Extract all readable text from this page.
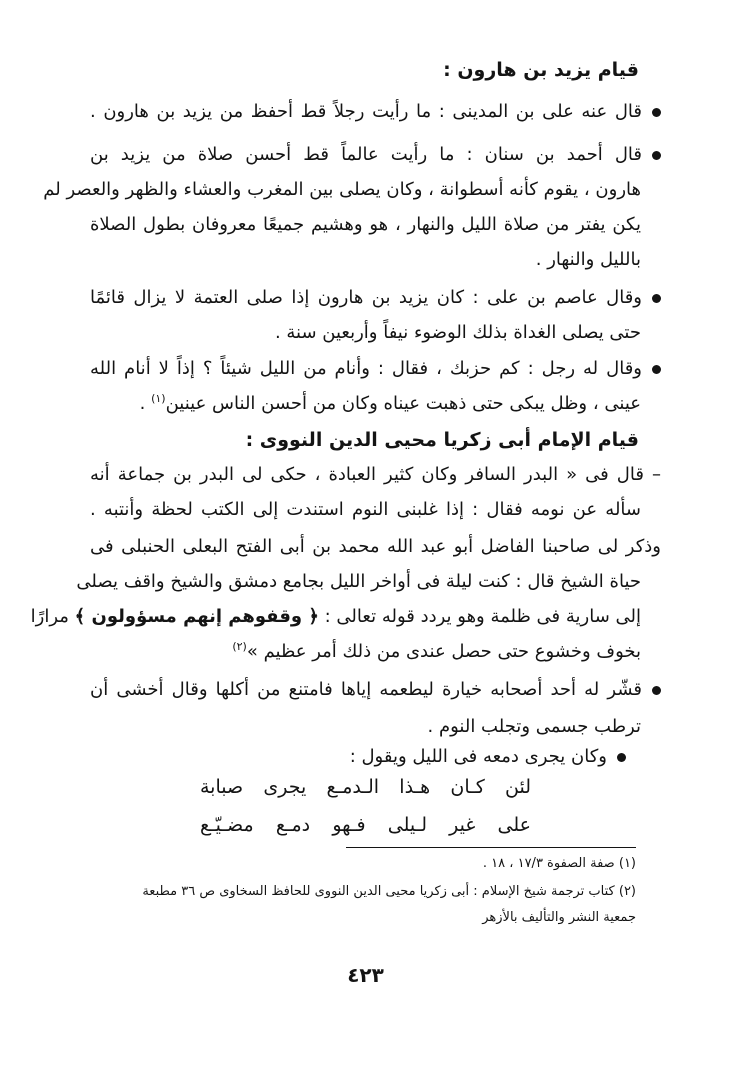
قيام يزيد بن هارون :
قال عنه على بن المدينى : ما رأيت رجلاً قط أحفظ من يزيد بن هارون .
قال أحمد بن سنان : ما رأيت عالماً قط أحسن صلاة من يزيد بن
هارون ، يقوم كأنه أسطوانة ، وكان يصلى بين المغرب والعشاء والظهر والعصر لم
يكن يفتر من صلاة الليل والنهار ، هو وهشيم جميعًا معروفان بطول الصلاة
بالليل والنهار .
وقال عاصم بن على : كان يزيد بن هارون إذا صلى العتمة لا يزال قائمًا
حتى يصلى الغداة بذلك الوضوء نيفاً وأربعين سنة .
وقال له رجل : كم حزبك ، فقال : وأنام من الليل شيئاً ؟ إذاً لا أنام الله
عينى ، وظل يبكى حتى ذهبت عيناه وكان من أحسن الناس عينين$^{(١)}$ .
قيام الإمام أبى زكريا محيى الدين النووى :
– قال فى « البدر السافر وكان كثير العبادة ، حكى لى البدر بن جماعة أنه
سأله عن نومه فقال : إذا غلبنى النوم استندت إلى الكتب لحظة وأنتبه .
وذكر لى صاحبنا الفاضل أبو عبد الله محمد بن أبى الفتح البعلى الحنبلى فى
حياة الشيخ قال : كنت ليلة فى أواخر الليل بجامع دمشق والشيخ واقف يصلى
إلى سارية فى ظلمة وهو يردد قوله تعالى : ﴿ وقفوهم إنهم مسؤولون ﴾ مرارًا
بخوف وخشوع حتى حصل عندى من ذلك أمر عظيم »$^{(٢)}$
قشّر له أحد أصحابه خيارة ليطعمه إياها فامتنع من أكلها وقال أخشى أن
ترطب جسمى وتجلب النوم .
وكان يجرى دمعه فى الليل ويقول :
لئن كـان هـذا الـدمـع يجرى صبابة
على غير لـيلى فـهو دمـع مضـيّـع
(١) صفة الصفوة ١٧/٣ ، ١٨ .
(٢) كتاب ترجمة شيخ الإسلام : أبى زكريا محيى الدين النووى للحافظ السخاوى ص ٣٦ مطبعة
جمعية النشر والتأليف بالأزهر
٤٢٣
